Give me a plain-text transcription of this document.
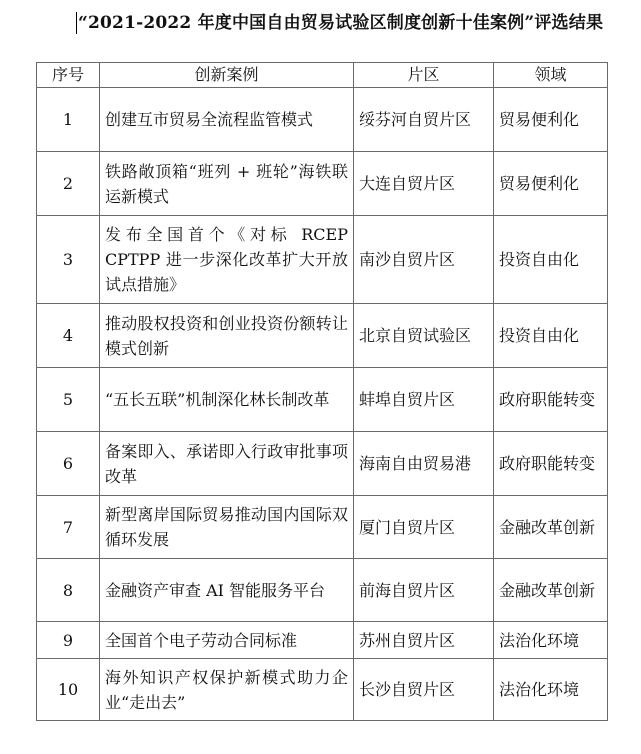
“2021-2022 年度中国自由贸易试验区制度创新十佳案例”评选结果
序号	创新案例	片区	领域
1	创建互市贸易全流程监管模式	绥芬河自贸片区	贸易便利化
2	铁路敞顶箱“班列 + 班轮”海铁联运新模式	大连自贸片区	贸易便利化
3	发布全国首个《对标 RCEP CPTPP 进一步深化改革扩大开放试点措施》	南沙自贸片区	投资自由化
4	推动股权投资和创业投资份额转让模式创新	北京自贸试验区	投资自由化
5	“五长五联”机制深化林长制改革	蚌埠自贸片区	政府职能转变
6	备案即入、承诺即入行政审批事项改革	海南自由贸易港	政府职能转变
7	新型离岸国际贸易推动国内国际双循环发展	厦门自贸片区	金融改革创新
8	金融资产审查 AI 智能服务平台	前海自贸片区	金融改革创新
9	全国首个电子劳动合同标准	苏州自贸片区	法治化环境
10	海外知识产权保护新模式助力企业“走出去”	长沙自贸片区	法治化环境
